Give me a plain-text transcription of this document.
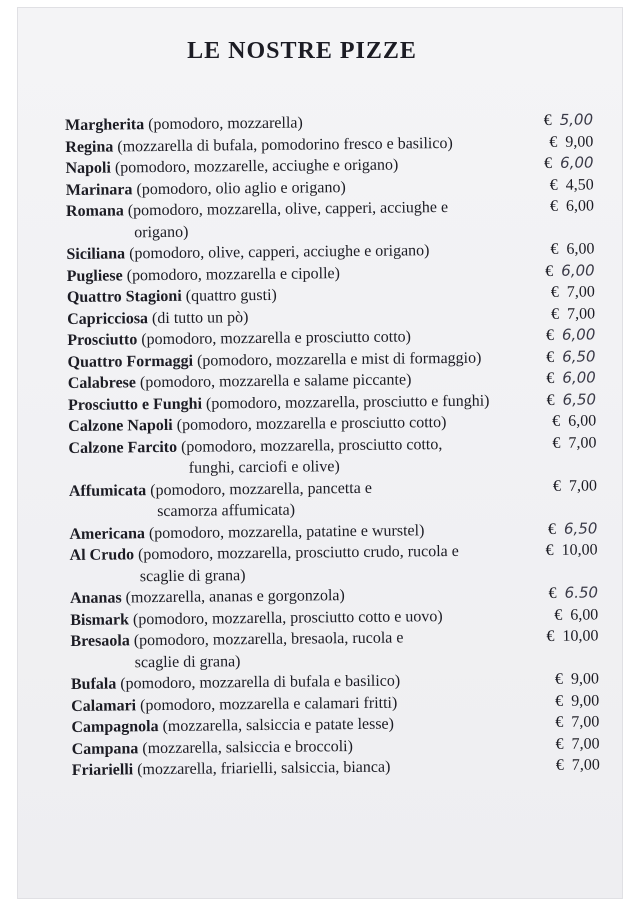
LE NOSTRE PIZZE
Margherita (pomodoro, mozzarella)	€ 5,00
Regina (mozzarella di bufala, pomodorino fresco e basilico)	€ 9,00
Napoli (pomodoro, mozzarelle, acciughe e origano)	€ 6,00
Marinara (pomodoro, olio aglio e origano)	€ 4,50
Romana (pomodoro, mozzarella, olive, capperi, acciughe e
origano)
€ 6,00
Siciliana (pomodoro, olive, capperi, acciughe e origano)	€ 6,00
Pugliese (pomodoro, mozzarella e cipolle)	€ 6,00
Quattro Stagioni (quattro gusti)	€ 7,00
Capricciosa (di tutto un pò)	€ 7,00
Prosciutto (pomodoro, mozzarella e prosciutto cotto)	€ 6,00
Quattro Formaggi (pomodoro, mozzarella e mist di formaggio)	€ 6,50
Calabrese (pomodoro, mozzarella e salame piccante)	€ 6,00
Prosciutto e Funghi (pomodoro, mozzarella, prosciutto e funghi)	€ 6,50
Calzone Napoli (pomodoro, mozzarella e prosciutto cotto)	€ 6,00
Calzone Farcito (pomodoro, mozzarella, prosciutto cotto,
funghi, carciofi e olive)
€ 7,00
Affumicata (pomodoro, mozzarella, pancetta e
scamorza affumicata)
€ 7,00
Americana (pomodoro, mozzarella, patatine e wurstel)	€ 6,50
Al Crudo (pomodoro, mozzarella, prosciutto crudo, rucola e
scaglie di grana)
€ 10,00
Ananas (mozzarella, ananas e gorgonzola)	€ 6.50
Bismark (pomodoro, mozzarella, prosciutto cotto e uovo)	€ 6,00
Bresaola (pomodoro, mozzarella, bresaola, rucola e
scaglie di grana)
€ 10,00
Bufala (pomodoro, mozzarella di bufala e basilico)	€ 9,00
Calamari (pomodoro, mozzarella e calamari fritti)	€ 9,00
Campagnola (mozzarella, salsiccia e patate lesse)	€ 7,00
Campana (mozzarella, salsiccia e broccoli)	€ 7,00
Friarielli (mozzarella, friarielli, salsiccia, bianca)	€ 7,00
